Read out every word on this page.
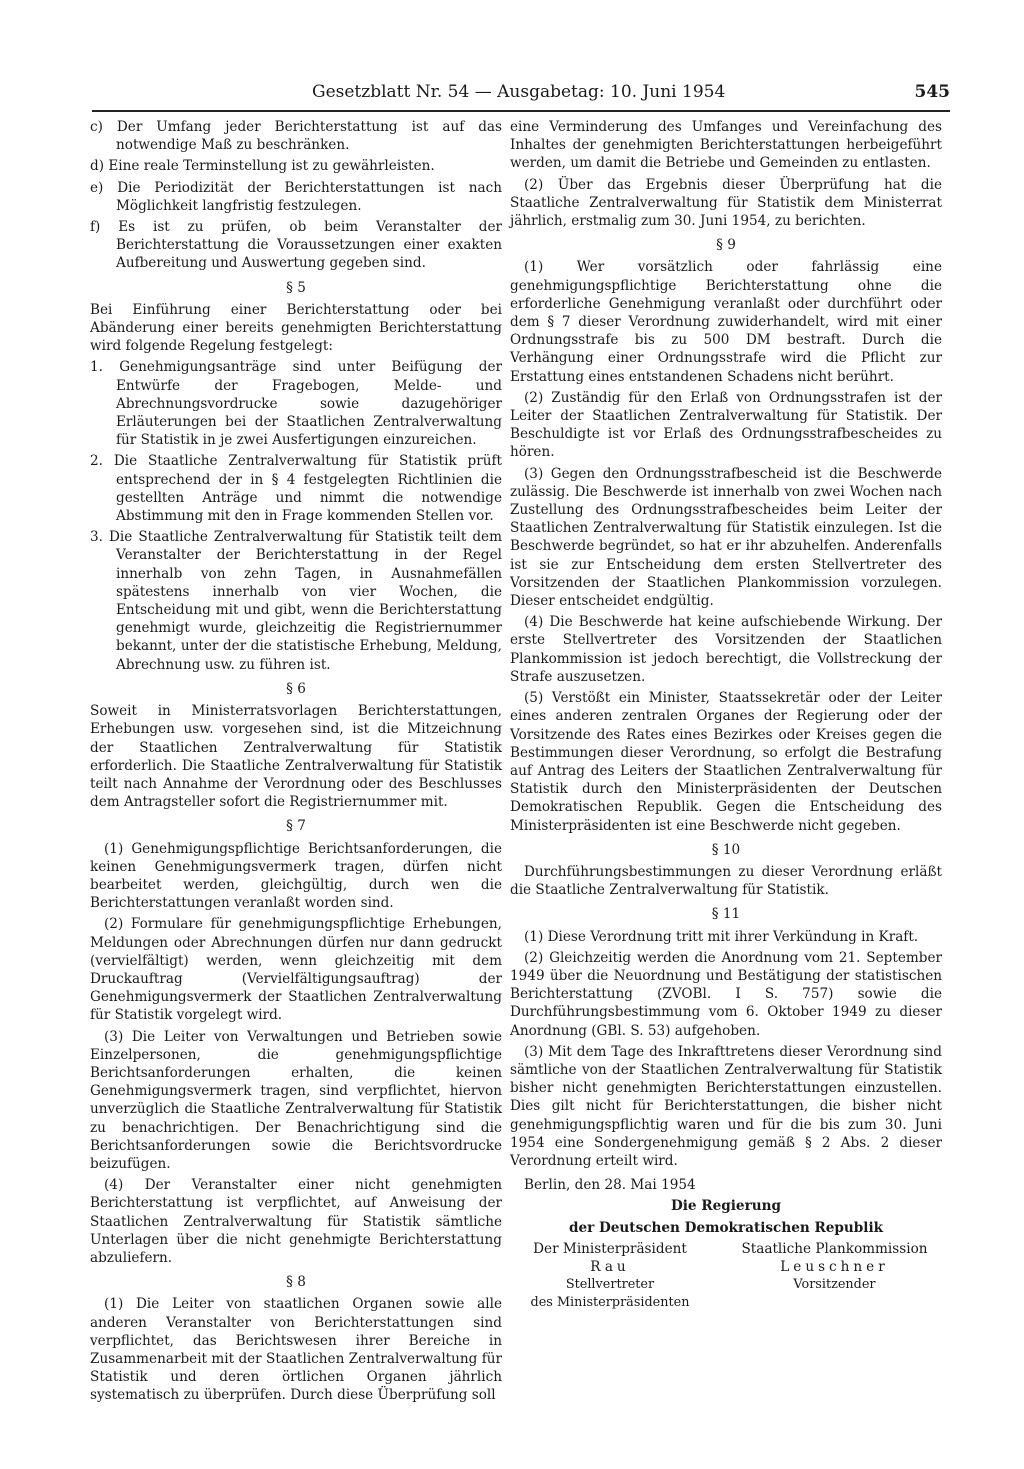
Gesetzblatt Nr. 54 — Ausgabetag: 10. Juni 1954	545

c) Der Umfang jeder Berichterstattung ist auf das notwendige Maß zu beschränken.

d) Eine reale Terminstellung ist zu gewährleisten.

e) Die Periodizität der Berichterstattungen ist nach Möglichkeit langfristig festzulegen.

f) Es ist zu prüfen, ob beim Veranstalter der Berichterstattung die Voraussetzungen einer exakten Aufbereitung und Auswertung gegeben sind.

§ 5

Bei Einführung einer Berichterstattung oder bei Abänderung einer bereits genehmigten Berichterstattung wird folgende Regelung festgelegt:

1. Genehmigungsanträge sind unter Beifügung der Entwürfe der Fragebogen, Melde- und Abrechnungsvordrucke sowie dazugehöriger Erläuterungen bei der Staatlichen Zentralverwaltung für Statistik in je zwei Ausfertigungen einzureichen.

2. Die Staatliche Zentralverwaltung für Statistik prüft entsprechend der in § 4 festgelegten Richtlinien die gestellten Anträge und nimmt die notwendige Abstimmung mit den in Frage kommenden Stellen vor.

3. Die Staatliche Zentralverwaltung für Statistik teilt dem Veranstalter der Berichterstattung in der Regel innerhalb von zehn Tagen, in Ausnahmefällen spätestens innerhalb von vier Wochen, die Entscheidung mit und gibt, wenn die Berichterstattung genehmigt wurde, gleichzeitig die Registriernummer bekannt, unter der die statistische Erhebung, Meldung, Abrechnung usw. zu führen ist.

§ 6

Soweit in Ministerratsvorlagen Berichterstattungen, Erhebungen usw. vorgesehen sind, ist die Mitzeichnung der Staatlichen Zentralverwaltung für Statistik erforderlich. Die Staatliche Zentralverwaltung für Statistik teilt nach Annahme der Verordnung oder des Beschlusses dem Antragsteller sofort die Registriernummer mit.

§ 7

(1) Genehmigungspflichtige Berichtsanforderungen, die keinen Genehmigungsvermerk tragen, dürfen nicht bearbeitet werden, gleichgültig, durch wen die Berichterstattungen veranlaßt worden sind.

(2) Formulare für genehmigungspflichtige Erhebungen, Meldungen oder Abrechnungen dürfen nur dann gedruckt (vervielfältigt) werden, wenn gleichzeitig mit dem Druckauftrag (Vervielfältigungsauftrag) der Genehmigungsvermerk der Staatlichen Zentralverwaltung für Statistik vorgelegt wird.

(3) Die Leiter von Verwaltungen und Betrieben sowie Einzelpersonen, die genehmigungspflichtige Berichtsanforderungen erhalten, die keinen Genehmigungsvermerk tragen, sind verpflichtet, hiervon unverzüglich die Staatliche Zentralverwaltung für Statistik zu benachrichtigen. Der Benachrichtigung sind die Berichtsanforderungen sowie die Berichtsvordrucke beizufügen.

(4) Der Veranstalter einer nicht genehmigten Berichterstattung ist verpflichtet, auf Anweisung der Staatlichen Zentralverwaltung für Statistik sämtliche Unterlagen über die nicht genehmigte Berichterstattung abzuliefern.

§ 8

(1) Die Leiter von staatlichen Organen sowie alle anderen Veranstalter von Berichterstattungen sind verpflichtet, das Berichtswesen ihrer Bereiche in Zusammenarbeit mit der Staatlichen Zentralverwaltung für Statistik und deren örtlichen Organen jährlich systematisch zu überprüfen. Durch diese Überprüfung soll

eine Verminderung des Umfanges und Vereinfachung des Inhaltes der genehmigten Berichterstattungen herbeigeführt werden, um damit die Betriebe und Gemeinden zu entlasten.

(2) Über das Ergebnis dieser Überprüfung hat die Staatliche Zentralverwaltung für Statistik dem Ministerrat jährlich, erstmalig zum 30. Juni 1954, zu berichten.

§ 9

(1) Wer vorsätzlich oder fahrlässig eine genehmigungspflichtige Berichterstattung ohne die erforderliche Genehmigung veranlaßt oder durchführt oder dem § 7 dieser Verordnung zuwiderhandelt, wird mit einer Ordnungsstrafe bis zu 500 DM bestraft. Durch die Verhängung einer Ordnungsstrafe wird die Pflicht zur Erstattung eines entstandenen Schadens nicht berührt.

(2) Zuständig für den Erlaß von Ordnungsstrafen ist der Leiter der Staatlichen Zentralverwaltung für Statistik. Der Beschuldigte ist vor Erlaß des Ordnungsstrafbescheides zu hören.

(3) Gegen den Ordnungsstrafbescheid ist die Beschwerde zulässig. Die Beschwerde ist innerhalb von zwei Wochen nach Zustellung des Ordnungsstrafbescheides beim Leiter der Staatlichen Zentralverwaltung für Statistik einzulegen. Ist die Beschwerde begründet, so hat er ihr abzuhelfen. Anderenfalls ist sie zur Entscheidung dem ersten Stellvertreter des Vorsitzenden der Staatlichen Plankommission vorzulegen. Dieser entscheidet endgültig.

(4) Die Beschwerde hat keine aufschiebende Wirkung. Der erste Stellvertreter des Vorsitzenden der Staatlichen Plankommission ist jedoch berechtigt, die Vollstreckung der Strafe auszusetzen.

(5) Verstößt ein Minister, Staatssekretär oder der Leiter eines anderen zentralen Organes der Regierung oder der Vorsitzende des Rates eines Bezirkes oder Kreises gegen die Bestimmungen dieser Verordnung, so erfolgt die Bestrafung auf Antrag des Leiters der Staatlichen Zentralverwaltung für Statistik durch den Ministerpräsidenten der Deutschen Demokratischen Republik. Gegen die Entscheidung des Ministerpräsidenten ist eine Beschwerde nicht gegeben.

§ 10

Durchführungsbestimmungen zu dieser Verordnung erläßt die Staatliche Zentralverwaltung für Statistik.

§ 11

(1) Diese Verordnung tritt mit ihrer Verkündung in Kraft.

(2) Gleichzeitig werden die Anordnung vom 21. September 1949 über die Neuordnung und Bestätigung der statistischen Berichterstattung (ZVOBl. I S. 757) sowie die Durchführungsbestimmung vom 6. Oktober 1949 zu dieser Anordnung (GBl. S. 53) aufgehoben.

(3) Mit dem Tage des Inkrafttretens dieser Verordnung sind sämtliche von der Staatlichen Zentralverwaltung für Statistik bisher nicht genehmigten Berichterstattungen einzustellen. Dies gilt nicht für Berichterstattungen, die bisher nicht genehmigungspflichtig waren und für die bis zum 30. Juni 1954 eine Sondergenehmigung gemäß § 2 Abs. 2 dieser Verordnung erteilt wird.

Berlin, den 28. Mai 1954

Die Regierung

der Deutschen Demokratischen Republik

Der Ministerpräsident
Rau
Stellvertreter
des Ministerpräsidenten
Staatliche Plankommission
Leuschner
Vorsitzender
